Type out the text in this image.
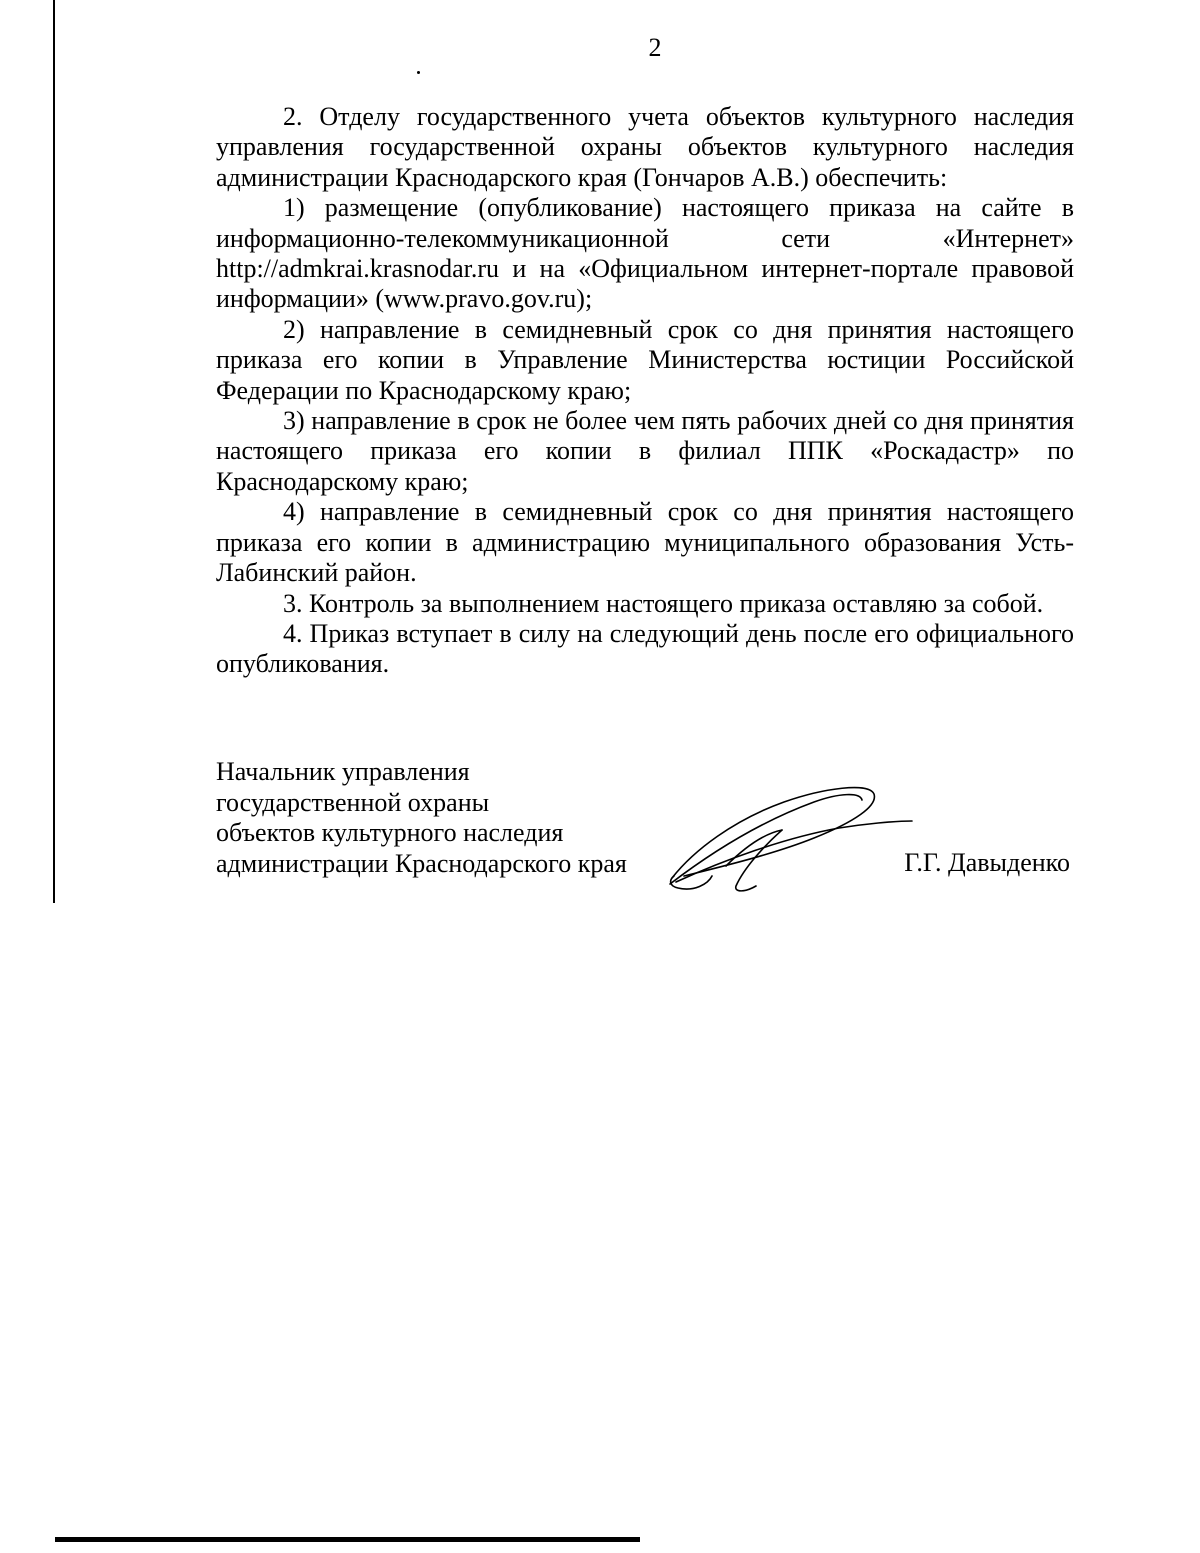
2

2. Отделу государственного учета объектов культурного наследия управления государственной охраны объектов культурного наследия администрации Краснодарского края (Гончаров А.В.) обеспечить:

1) размещение (опубликование) настоящего приказа на сайте в информационно-телекоммуникационной сети «Интернет» http://admkrai.krasnodar.ru и на «Официальном интернет-портале правовой информации» (www.pravo.gov.ru);

2) направление в семидневный срок со дня принятия настоящего приказа его копии в Управление Министерства юстиции Российской Федерации по Краснодарскому краю;

3) направление в срок не более чем пять рабочих дней со дня принятия настоящего приказа его копии в филиал ППК «Роскадастр» по Краснодарскому краю;

4) направление в семидневный срок со дня принятия настоящего приказа его копии в администрацию муниципального образования Усть-Лабинский район.

3. Контроль за выполнением настоящего приказа оставляю за собой.

4. Приказ вступает в силу на следующий день после его официального опубликования.

Начальник управления
государственной охраны
объектов культурного наследия
администрации Краснодарского края	Г.Г. Давыденко
